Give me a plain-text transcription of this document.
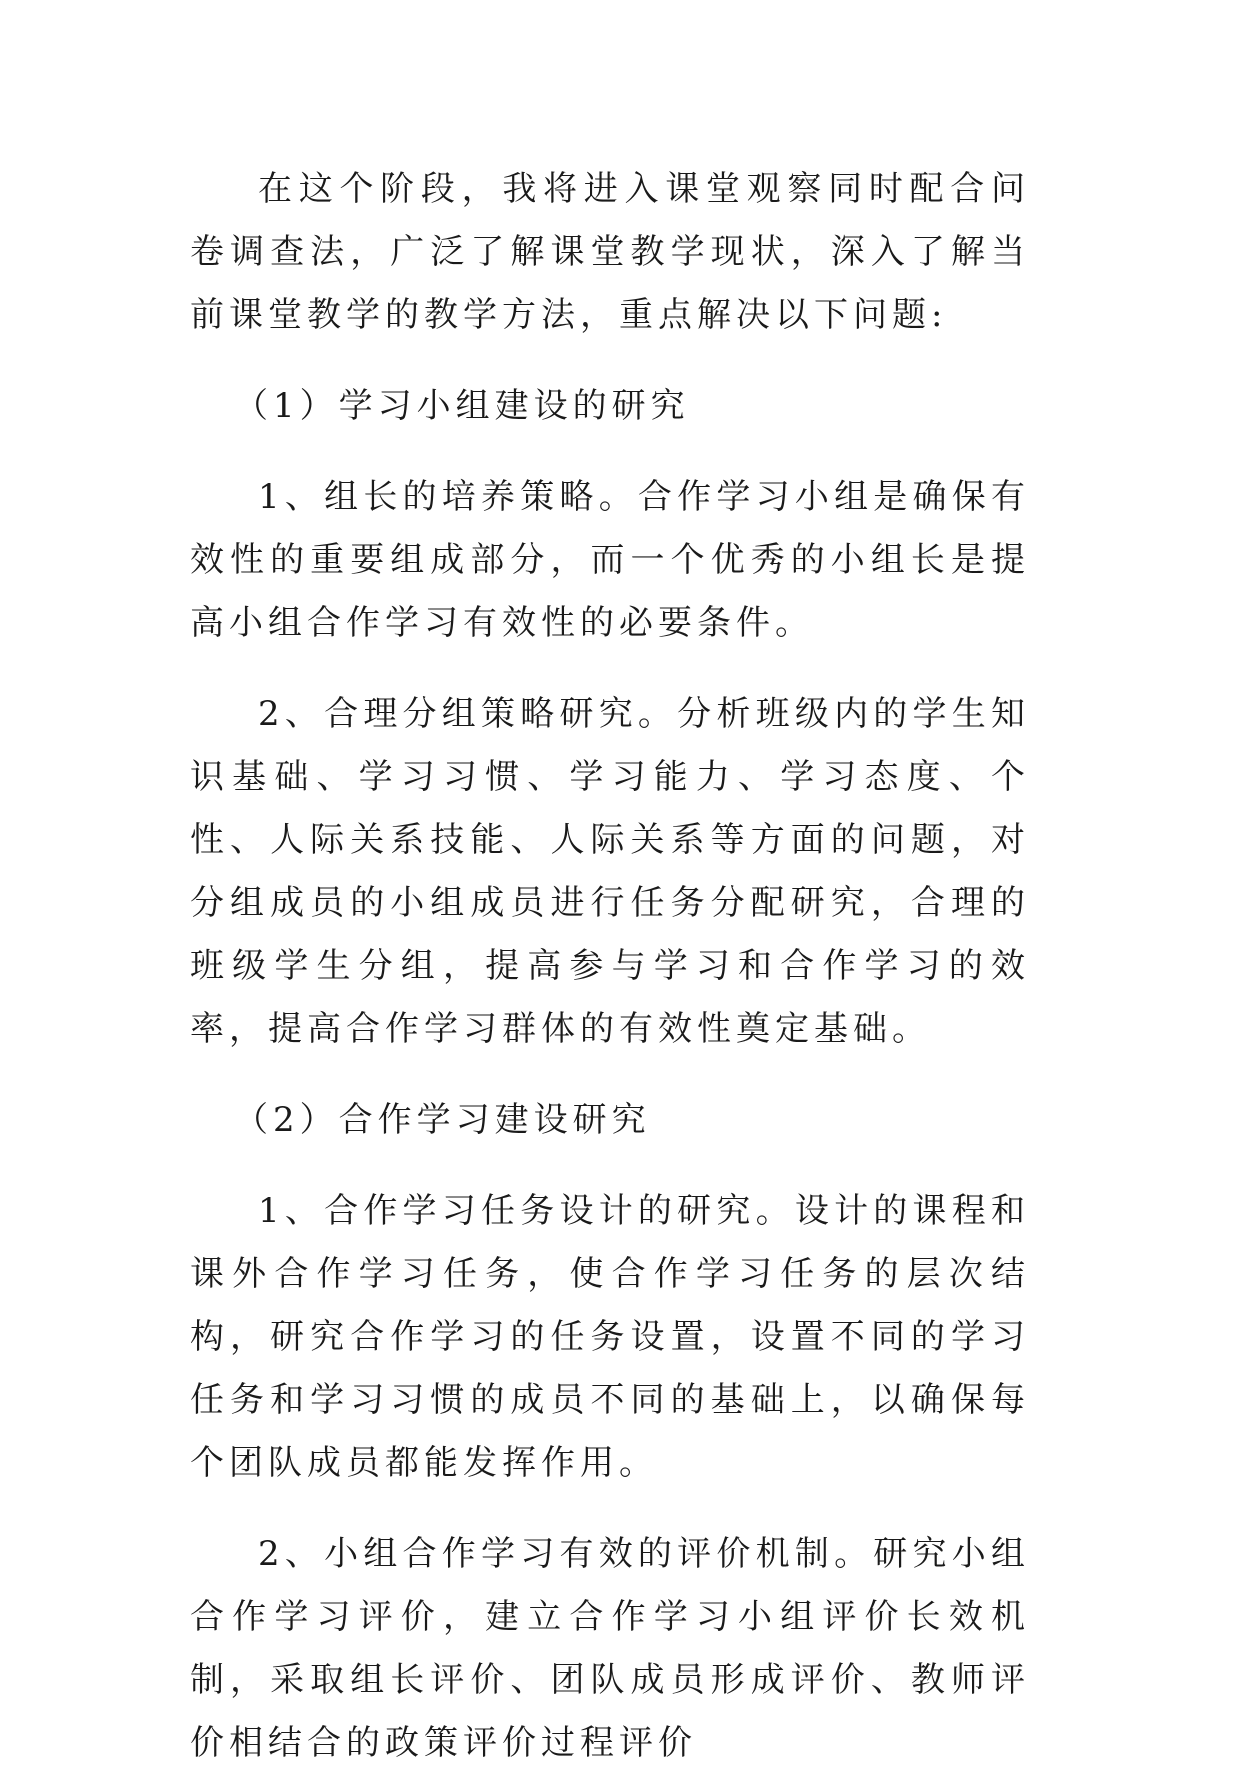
在这个阶段，我将进入课堂观察同时配合问卷调查法，广泛了解课堂教学现状，深入了解当前课堂教学的教学方法，重点解决以下问题:

（1）学习小组建设的研究

1、组长的培养策略。合作学习小组是确保有效性的重要组成部分，而一个优秀的小组长是提高小组合作学习有效性的必要条件。

2、合理分组策略研究。分析班级内的学生知识基础、学习习惯、学习能力、学习态度、个性、人际关系技能、人际关系等方面的问题，对分组成员的小组成员进行任务分配研究，合理的班级学生分组，提高参与学习和合作学习的效率，提高合作学习群体的有效性奠定基础。

（2）合作学习建设研究

1、合作学习任务设计的研究。设计的课程和课外合作学习任务，使合作学习任务的层次结构，研究合作学习的任务设置，设置不同的学习任务和学习习惯的成员不同的基础上，以确保每个团队成员都能发挥作用。

2、小组合作学习有效的评价机制。研究小组合作学习评价，建立合作学习小组评价长效机制，采取组长评价、团队成员形成评价、教师评价相结合的政策评价过程评价
